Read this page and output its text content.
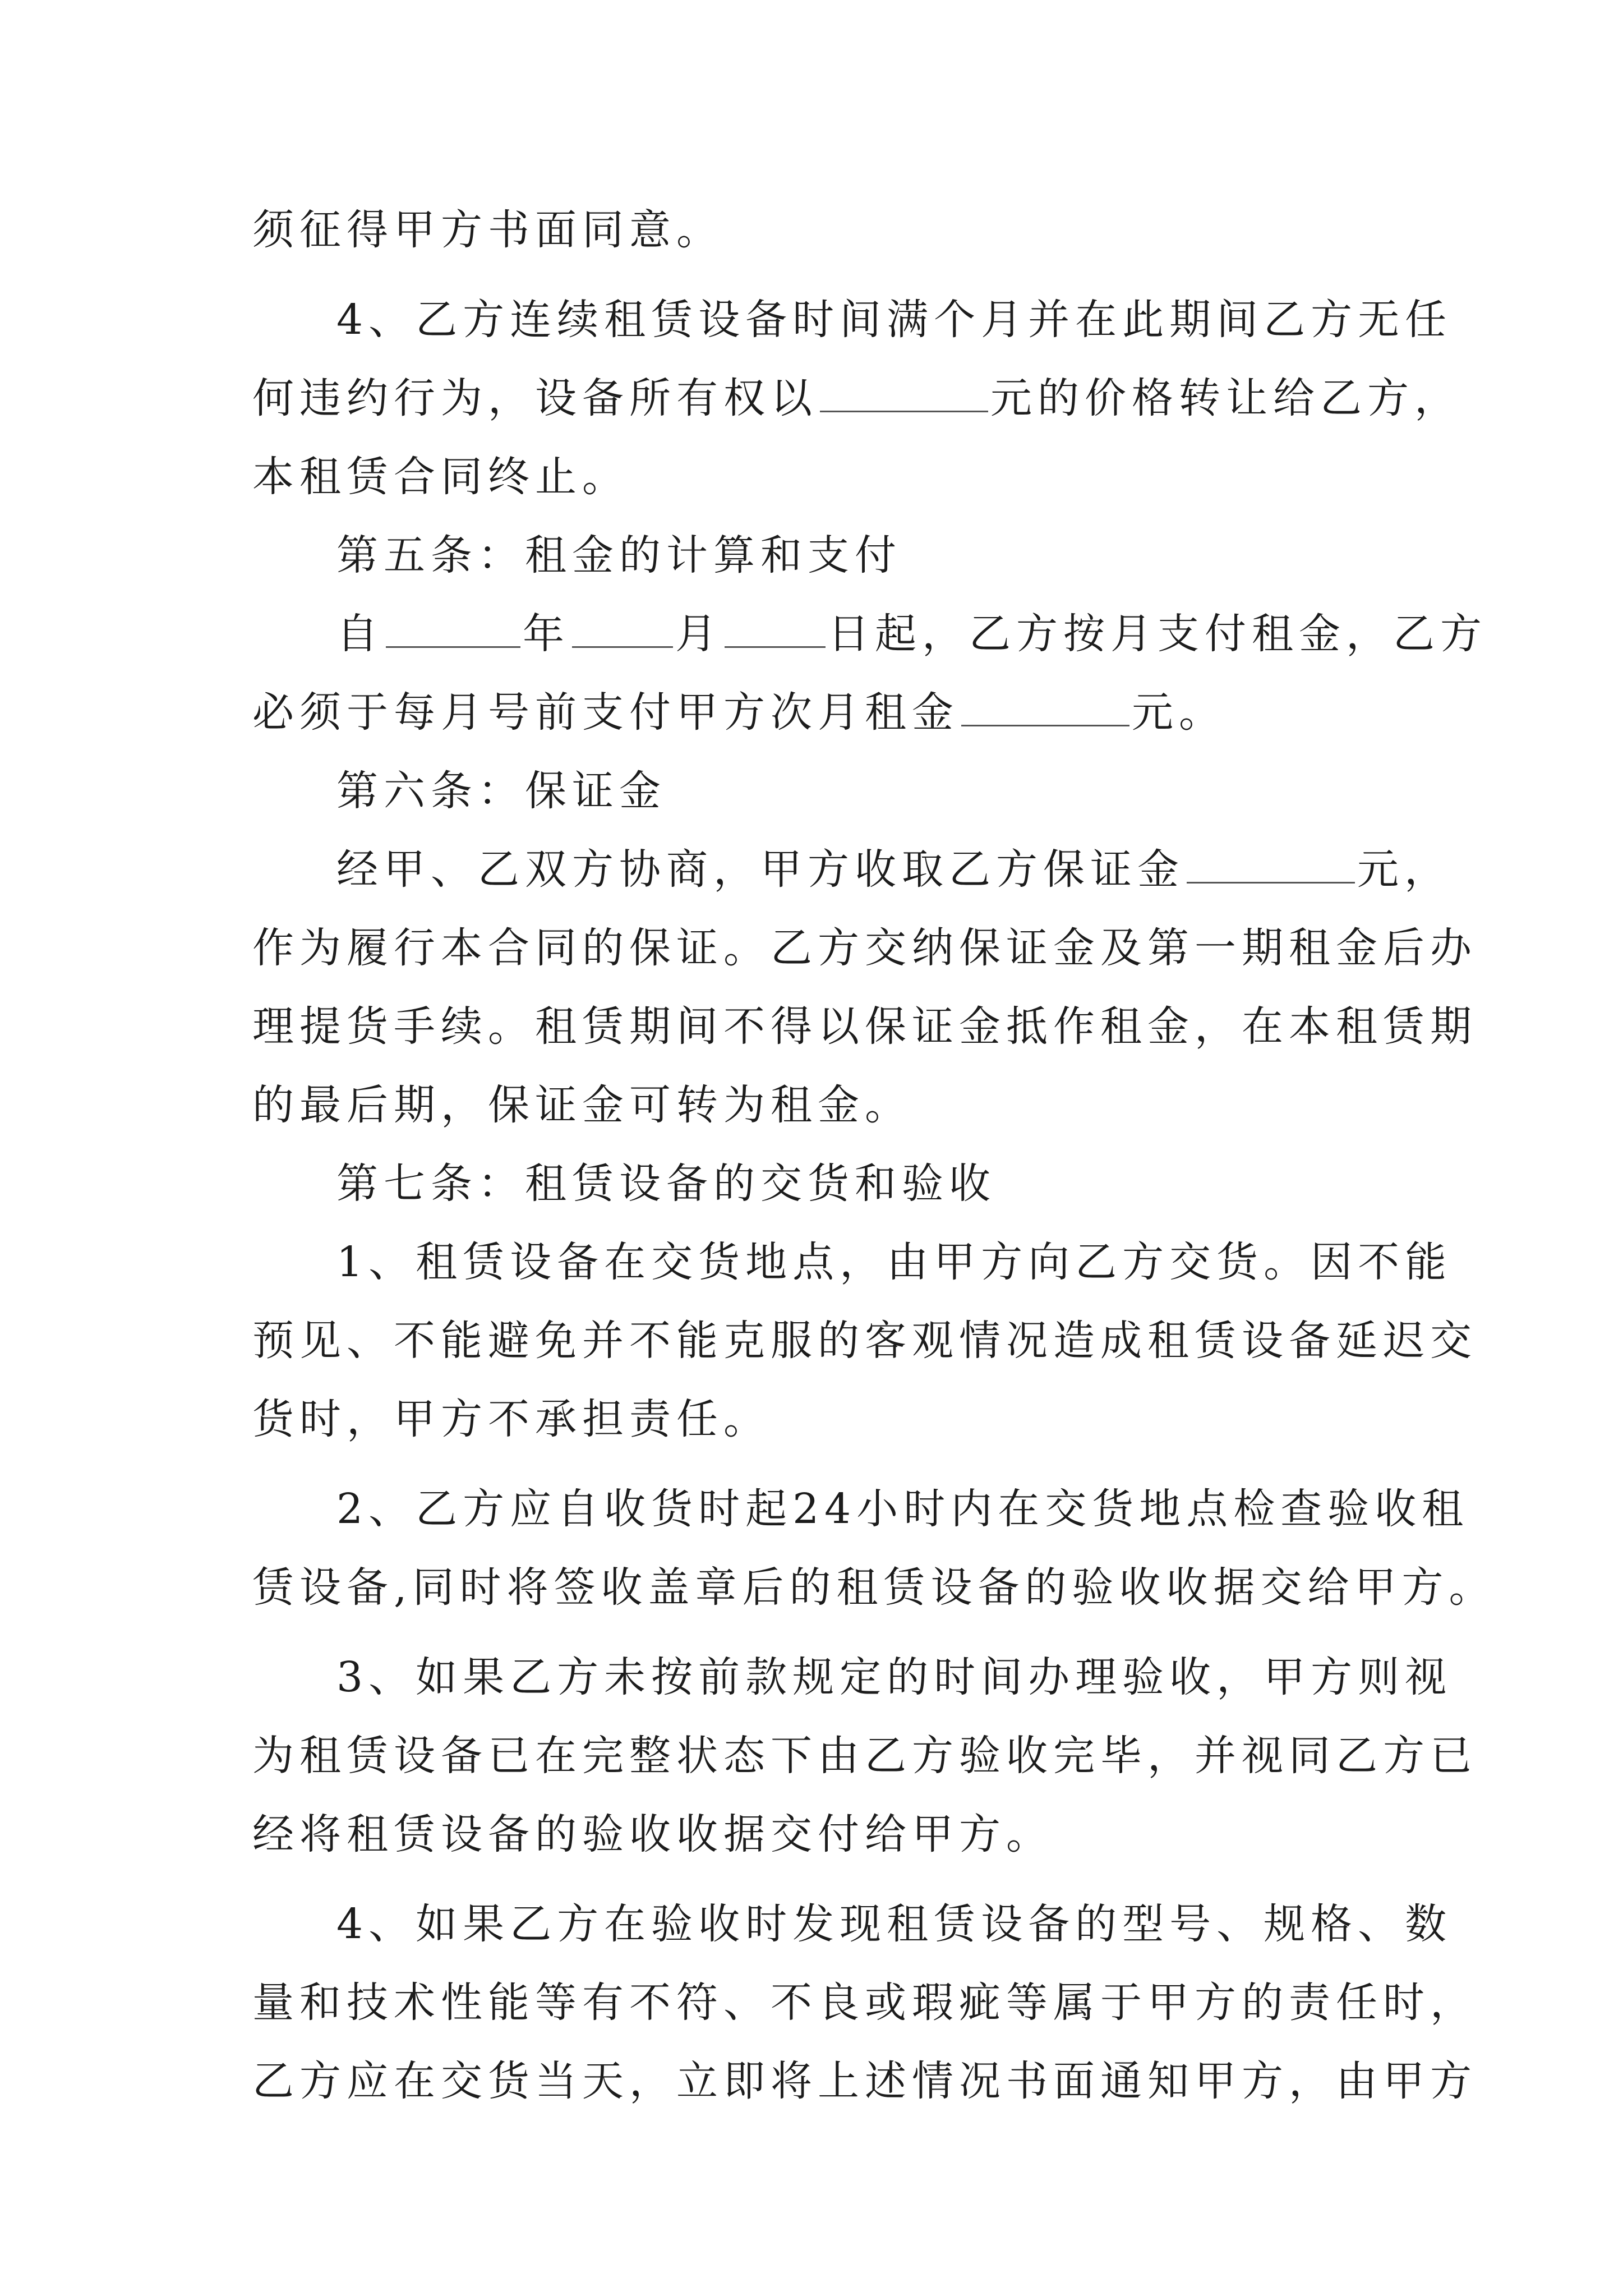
须征得甲方书面同意。
4、乙方连续租赁设备时间满个月并在此期间乙方无任
何违约行为，设备所有权以	元的价格转让给乙方，
本租赁合同终止。
第五条：租金的计算和支付
自	年	月	日起，乙方按月支付租金，乙方
必须于每月号前支付甲方次月租金	元。
第六条：保证金
经甲、乙双方协商，甲方收取乙方保证金	元，
作为履行本合同的保证。乙方交纳保证金及第一期租金后办
理提货手续。租赁期间不得以保证金抵作租金，在本租赁期
的最后期，保证金可转为租金。
第七条：租赁设备的交货和验收
1、租赁设备在交货地点，由甲方向乙方交货。因不能
预见、不能避免并不能克服的客观情况造成租赁设备延迟交
货时，甲方不承担责任。
2、乙方应自收货时起24小时内在交货地点检查验收租
赁设备,同时将签收盖章后的租赁设备的验收收据交给甲方。
3、如果乙方未按前款规定的时间办理验收，甲方则视
为租赁设备已在完整状态下由乙方验收完毕，并视同乙方已
经将租赁设备的验收收据交付给甲方。
4、如果乙方在验收时发现租赁设备的型号、规格、数
量和技术性能等有不符、不良或瑕疵等属于甲方的责任时，
乙方应在交货当天，立即将上述情况书面通知甲方，由甲方
